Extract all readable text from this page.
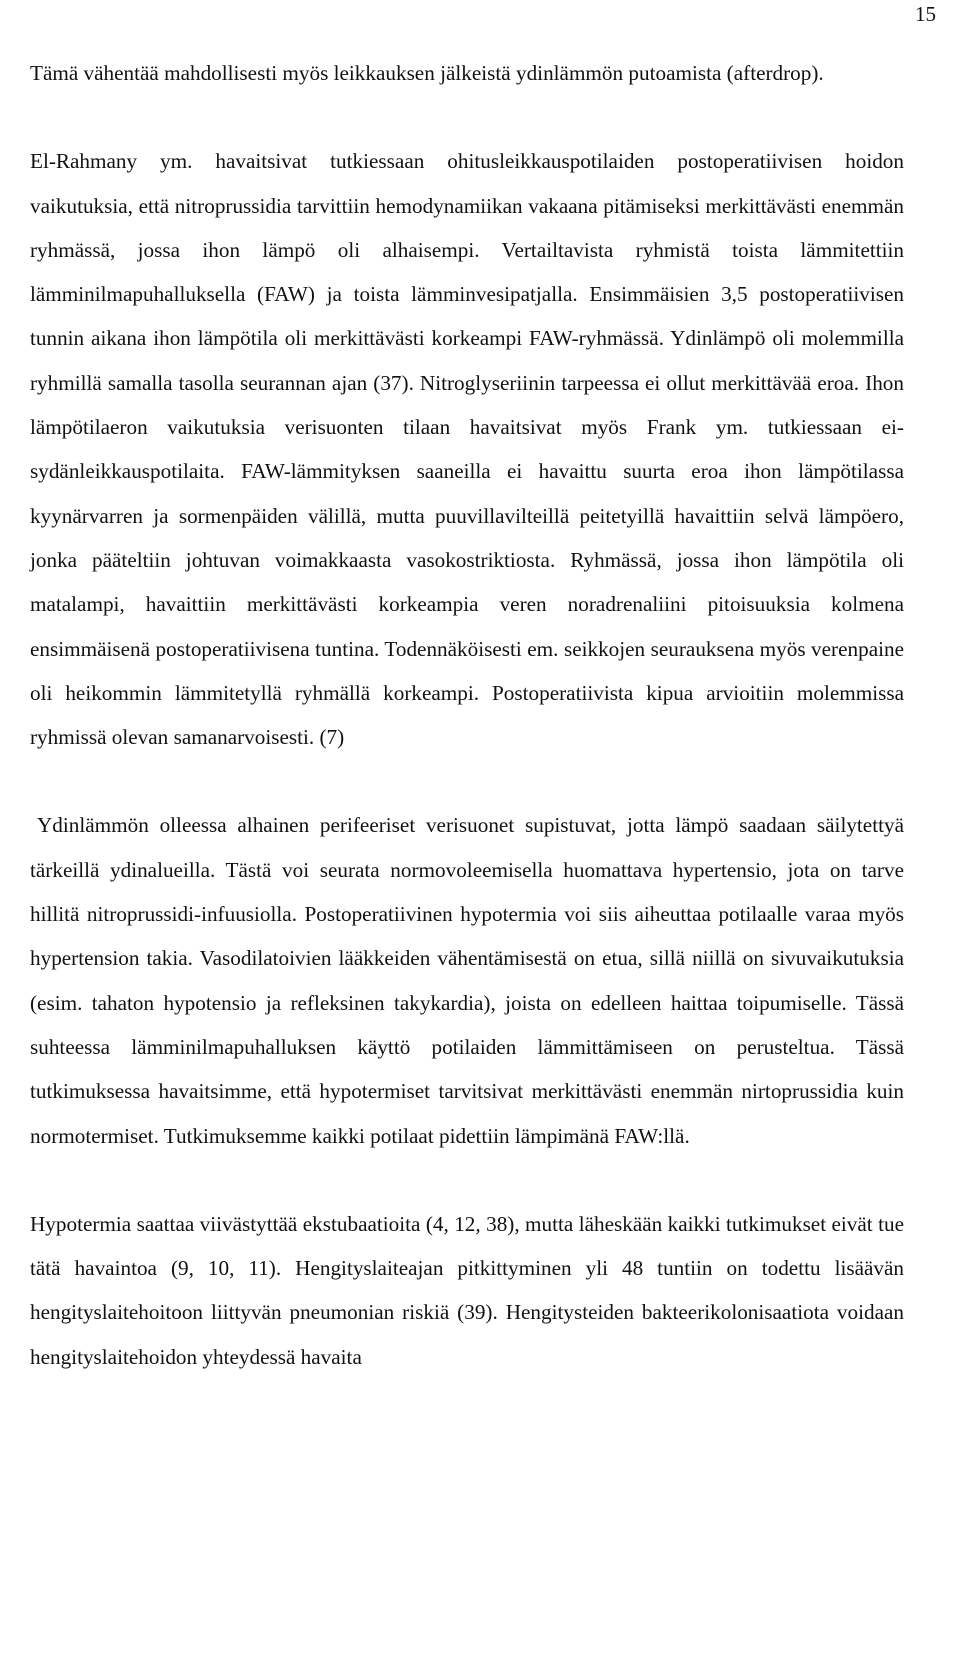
15

Tämä vähentää mahdollisesti myös leikkauksen jälkeistä ydinlämmön putoamista (afterdrop).

El-Rahmany ym. havaitsivat tutkiessaan ohitusleikkauspotilaiden postoperatiivisen hoidon vaikutuksia, että nitroprussidia tarvittiin hemodynamiikan vakaana pitämiseksi merkittävästi enemmän ryhmässä, jossa ihon lämpö oli alhaisempi. Vertailtavista ryhmistä toista lämmitettiin lämminilmapuhalluksella (FAW) ja toista lämminvesipatjalla. Ensimmäisien 3,5 postoperatiivisen tunnin aikana ihon lämpötila oli merkittävästi korkeampi FAW-ryhmässä. Ydinlämpö oli molemmilla ryhmillä samalla tasolla seurannan ajan (37). Nitroglyseriinin tarpeessa ei ollut merkittävää eroa. Ihon lämpötilaeron vaikutuksia verisuonten tilaan havaitsivat myös Frank ym. tutkiessaan ei-sydänleikkauspotilaita. FAW-lämmityksen saaneilla ei havaittu suurta eroa ihon lämpötilassa kyynärvarren ja sormenpäiden välillä, mutta puuvillavilteillä peitetyillä havaittiin selvä lämpöero, jonka pääteltiin johtuvan voimakkaasta vasokostriktiosta. Ryhmässä, jossa ihon lämpötila oli matalampi, havaittiin merkittävästi korkeampia veren noradrenaliini pitoisuuksia kolmena ensimmäisenä postoperatiivisena tuntina. Todennäköisesti em. seikkojen seurauksena myös verenpaine oli heikommin lämmitetyllä ryhmällä korkeampi. Postoperatiivista kipua arvioitiin molemmissa ryhmissä olevan samanarvoisesti. (7)

Ydinlämmön olleessa alhainen perifeeriset verisuonet supistuvat, jotta lämpö saadaan säilytettyä tärkeillä ydinalueilla. Tästä voi seurata normovoleemisella huomattava hypertensio, jota on tarve hillitä nitroprussidi-infuusiolla. Postoperatiivinen hypotermia voi siis aiheuttaa potilaalle varaa myös hypertension takia. Vasodilatoivien lääkkeiden vähentämisestä on etua, sillä niillä on sivuvaikutuksia (esim. tahaton hypotensio ja refleksinen takykardia), joista on edelleen haittaa toipumiselle. Tässä suhteessa lämminilmapuhalluksen käyttö potilaiden lämmittämiseen on perusteltua. Tässä tutkimuksessa havaitsimme, että hypotermiset tarvitsivat merkittävästi enemmän nirtoprussidia kuin normotermiset. Tutkimuksemme kaikki potilaat pidettiin lämpimänä FAW:llä.

Hypotermia saattaa viivästyttää ekstubaatioita (4, 12, 38), mutta läheskään kaikki tutkimukset eivät tue tätä havaintoa (9, 10, 11). Hengityslaiteajan pitkittyminen yli 48 tuntiin on todettu lisäävän hengityslaitehoitoon liittyvän pneumonian riskiä (39). Hengitysteiden bakteerikolonisaatiota voidaan hengityslaitehoidon yhteydessä havaita
